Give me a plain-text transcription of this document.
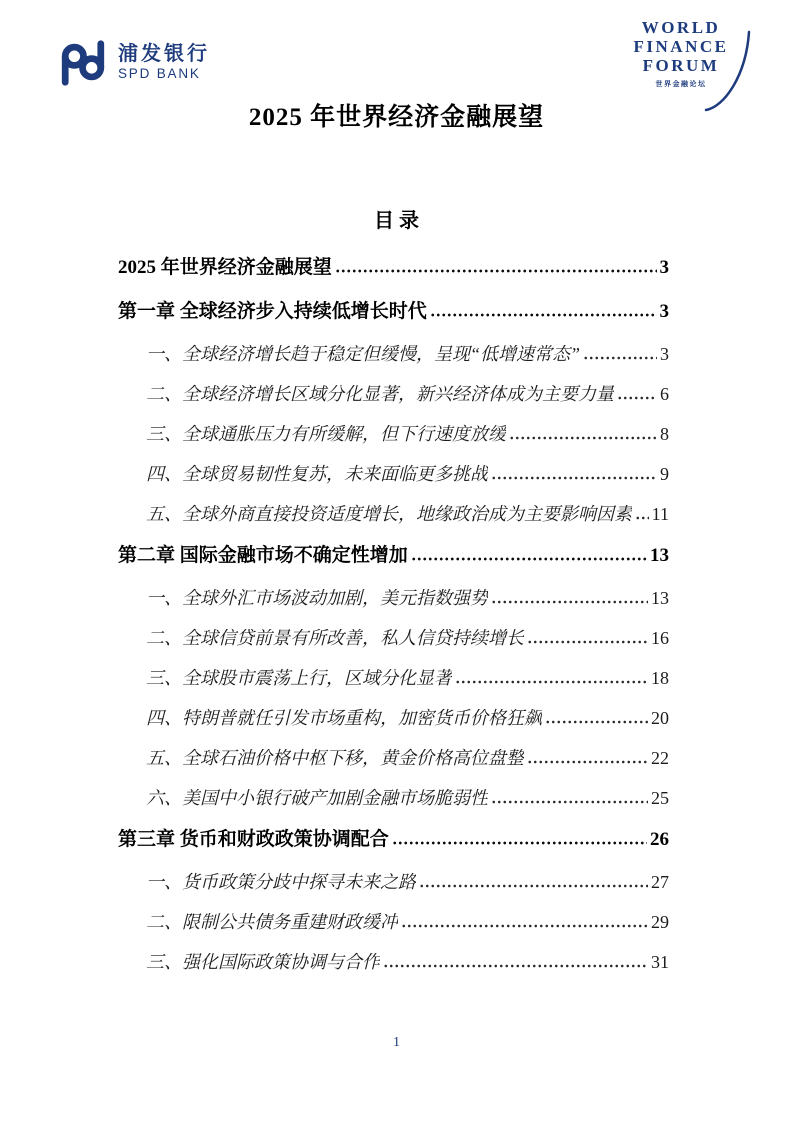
浦发银行
SPD BANK
WORLD
FINANCE
FORUM
世界金融论坛
2025 年世界经济金融展望
目 录
2025 年世界经济金融展望	3
第一章 全球经济步入持续低增长时代	3
一、全球经济增长趋于稳定但缓慢，呈现“低增速常态”	3
二、全球经济增长区域分化显著，新兴经济体成为主要力量	6
三、全球通胀压力有所缓解，但下行速度放缓	8
四、全球贸易韧性复苏，未来面临更多挑战	9
五、全球外商直接投资适度增长，地缘政治成为主要影响因素 11
第二章 国际金融市场不确定性增加	13
一、全球外汇市场波动加剧，美元指数强势	13
二、全球信贷前景有所改善，私人信贷持续增长	16
三、全球股市震荡上行，区域分化显著	18
四、特朗普就任引发市场重构，加密货币价格狂飙	20
五、全球石油价格中枢下移，黄金价格高位盘整	22
六、美国中小银行破产加剧金融市场脆弱性	25
第三章 货币和财政政策协调配合	26
一、货币政策分歧中探寻未来之路	27
二、限制公共债务重建财政缓冲	29
三、强化国际政策协调与合作	31
1
